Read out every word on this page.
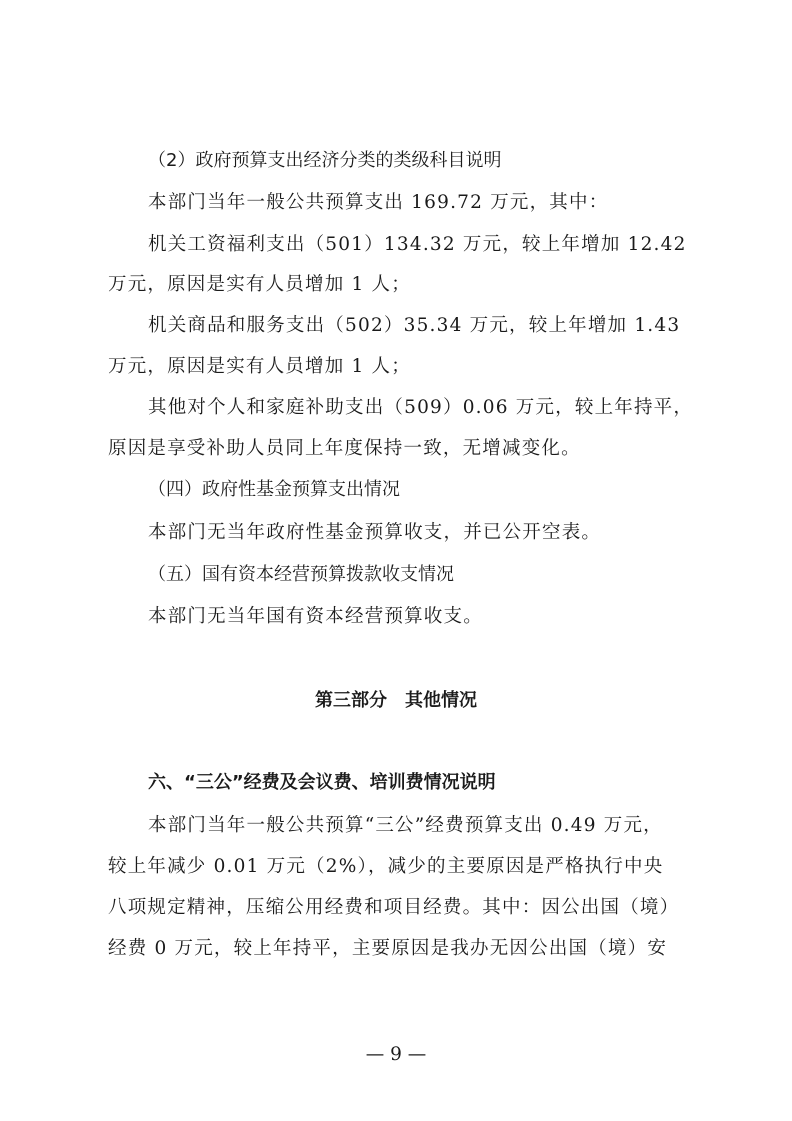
（2）政府预算支出经济分类的类级科目说明
本部门当年一般公共预算支出 169.72 万元，其中：
机关工资福利支出（501）134.32 万元，较上年增加 12.42
万元，原因是实有人员增加 1 人；
机关商品和服务支出（502）35.34 万元，较上年增加 1.43
万元，原因是实有人员增加 1 人；
其他对个人和家庭补助支出（509）0.06 万元，较上年持平，
原因是享受补助人员同上年度保持一致，无增减变化。
（四）政府性基金预算支出情况
本部门无当年政府性基金预算收支，并已公开空表。
（五）国有资本经营预算拨款收支情况
本部门无当年国有资本经营预算收支。
第三部分　其他情况
六、“三公”经费及会议费、培训费情况说明
本部门当年一般公共预算“三公”经费预算支出 0.49 万元，
较上年减少 0.01 万元（2%），减少的主要原因是严格执行中央
八项规定精神，压缩公用经费和项目经费。其中：因公出国（境）
经费 0 万元，较上年持平，主要原因是我办无因公出国（境）安
— 9 —
